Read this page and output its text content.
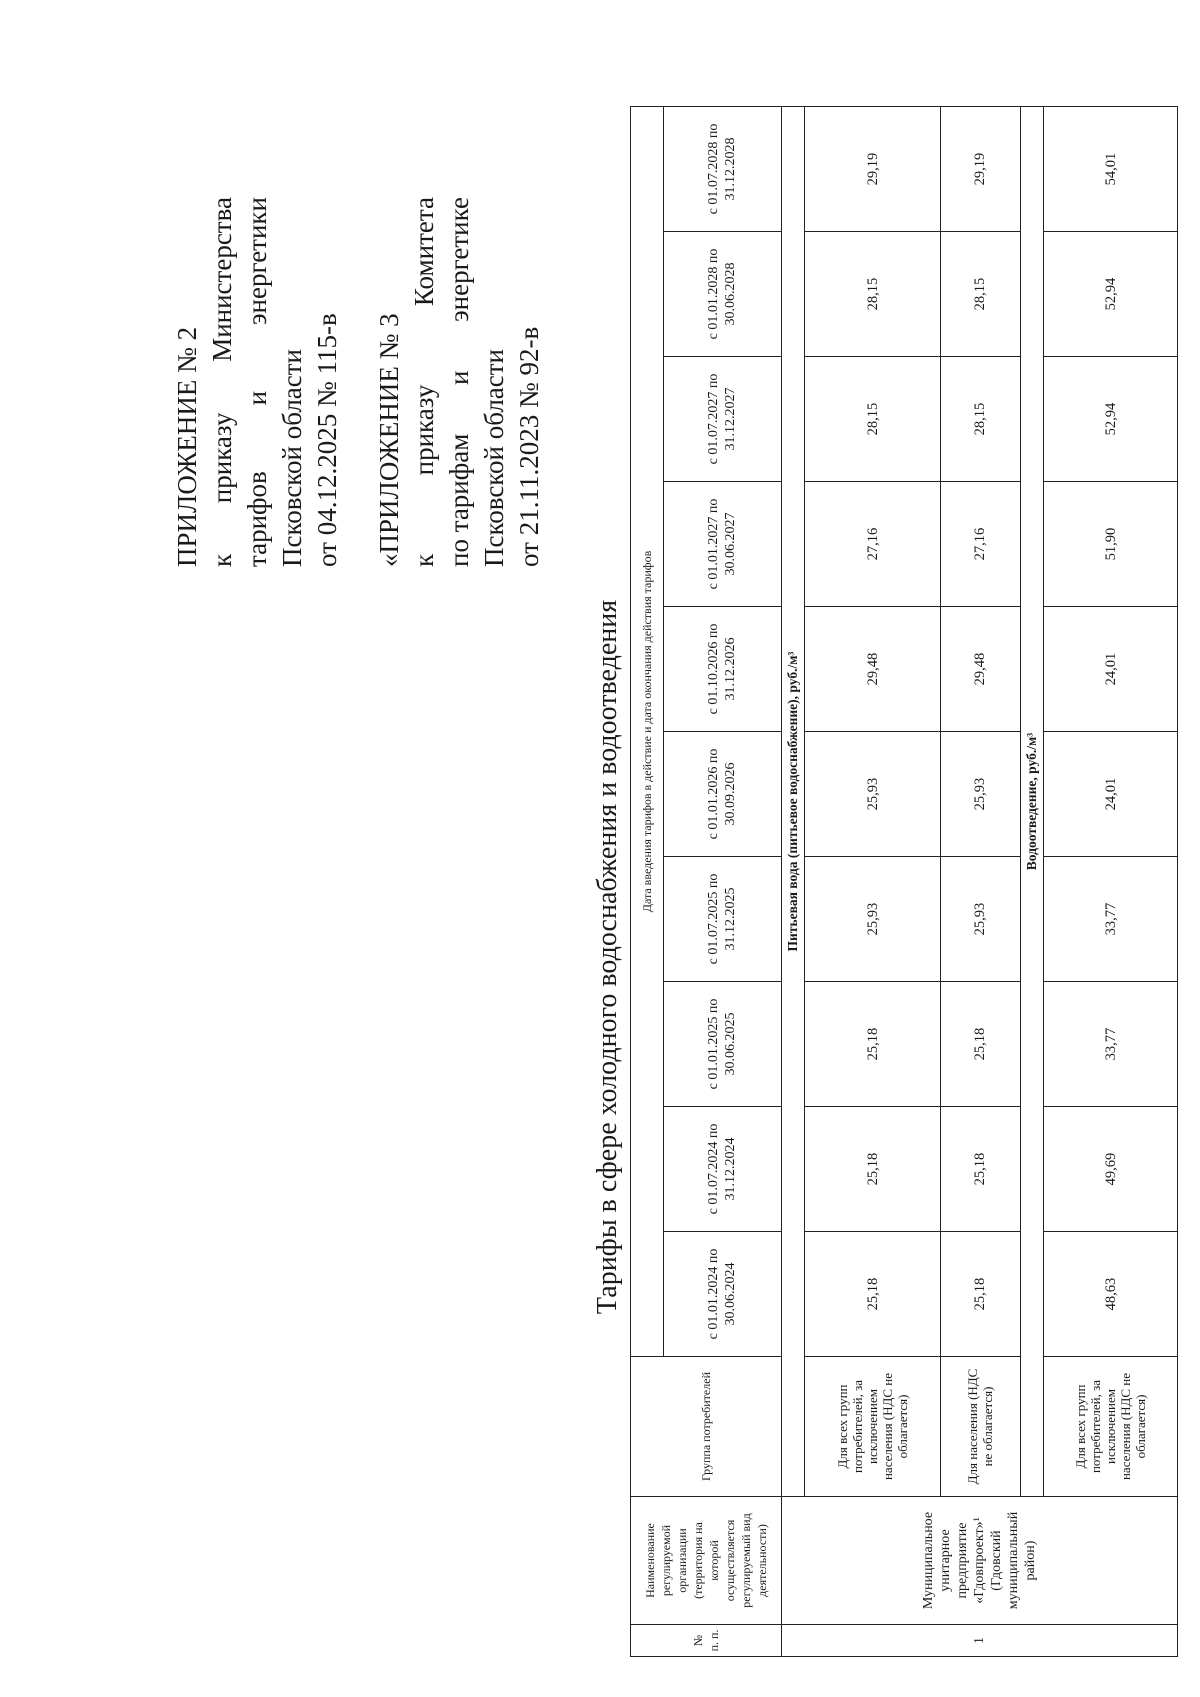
ПРИЛОЖЕНИЕ № 2 к
приказу
Министерства
тарифов
и
энергетики
Псковской области от 04.12.2025 № 115-в «ПРИЛОЖЕНИЕ № 3 к
приказу
Комитета
по тарифам
и
энергетике
Псковской области от 21.11.2023 № 92-в
Тарифы в сфере холодного водоснабжения и водоотведения
№ п. п.	Наименование регулируемой организации (территория на которой осуществляется регулируемый вид деятельности)	Группа потребителей	Дата введения тарифов в действие и дата окончания действия тарифов									
			с 01.01.2024 по 30.06.2024	с 01.07.2024 по 31.12.2024	с 01.01.2025 по 30.06.2025	с 01.07.2025 по 31.12.2025	с 01.01.2026 по 30.09.2026	с 01.10.2026 по 31.12.2026	с 01.01.2027 по 30.06.2027	с 01.07.2027 по 31.12.2027	с 01.01.2028 по 30.06.2028	с 01.07.2028 по 31.12.2028
1	Муниципальное унитарное предприятие «Гдовпроект»¹ (Гдовский муниципальный район)	Питьевая вода (питьевое водоснабжение), руб./м³										
		Для всех групп потребителей, за исключением населения (НДС не облагается)	25,18	25,18	25,18	25,93	25,93	29,48	27,16	28,15	28,15	29,19
		Для населения (НДС не облагается)	25,18	25,18	25,18	25,93	25,93	29,48	27,16	28,15	28,15	29,19
		Водоотведение, руб./м³										
		Для всех групп потребителей, за исключением населения (НДС не облагается)	48,63	49,69	33,77	33,77	24,01	24,01	51,90	52,94	52,94	54,01
